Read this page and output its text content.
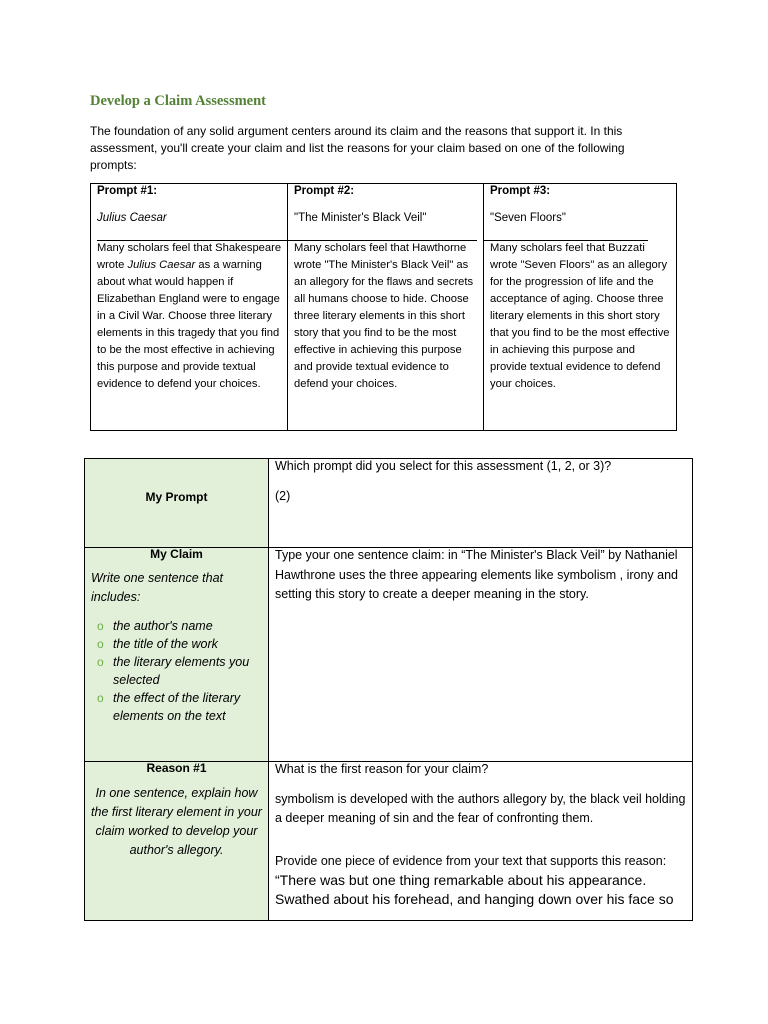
Develop a Claim Assessment
The foundation of any solid argument centers around its claim and the reasons that support it. In this assessment, you'll create your claim and list the reasons for your claim based on one of the following prompts:
Prompt #1:
Julius Caesar
Many scholars feel that Shakespeare wrote Julius Caesar as a warning about what would happen if Elizabethan England were to engage in a Civil War. Choose three literary elements in this tragedy that you find to be the most effective in achieving this purpose and provide textual evidence to defend your choices.
Prompt #2:
"The Minister's Black Veil"
Many scholars feel that Hawthorne wrote "The Minister's Black Veil" as an allegory for the flaws and secrets all humans choose to hide. Choose three literary elements in this short story that you find to be the most effective in achieving this purpose and provide textual evidence to defend your choices.
Prompt #3:
"Seven Floors"
Many scholars feel that Buzzati wrote "Seven Floors" as an allegory for the progression of life and the acceptance of aging. Choose three literary elements in this short story that you find to be the most effective in achieving this purpose and provide textual evidence to defend your choices.
My Prompt
Which prompt did you select for this assessment (1, 2, or 3)?
(2)
My Claim
Write one sentence that includes:
o the author's name
o the title of the work
o the literary elements you selected
o the effect of the literary elements on the text
Type your one sentence claim: in “The Minister's Black Veil” by Nathaniel Hawthrone uses the three appearing elements like symbolism , irony and setting this story to create a deeper meaning in the story.
Reason #1
In one sentence, explain how the first literary element in your claim worked to develop your author's allegory.
What is the first reason for your claim?
symbolism is developed with the authors allegory by, the black veil holding a deeper meaning of sin and the fear of confronting them.
Provide one piece of evidence from your text that supports this reason:
“There was but one thing remarkable about his appearance. Swathed about his forehead, and hanging down over his face so
